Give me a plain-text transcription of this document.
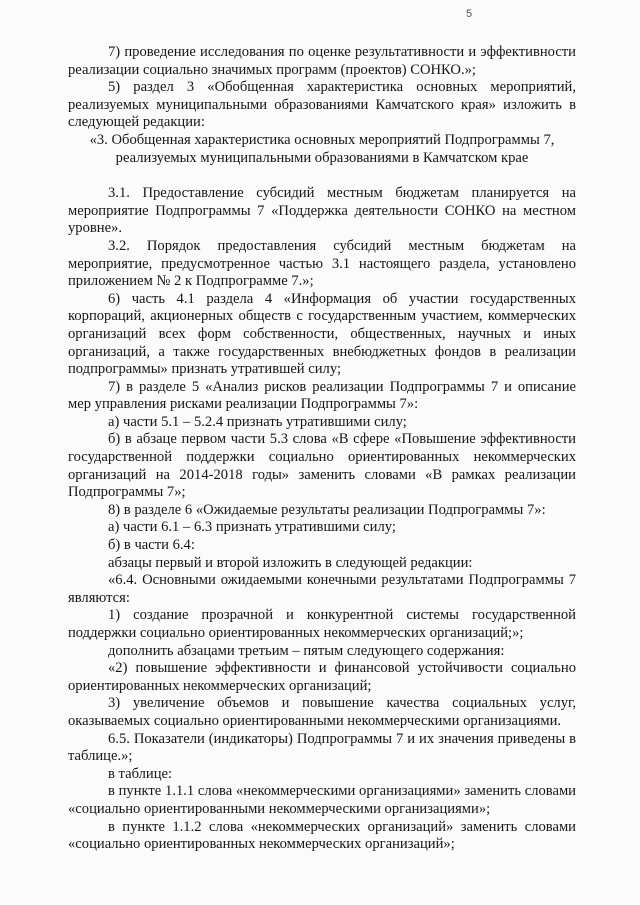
5

7) проведение исследования по оценке результативности и эффективности реализации социально значимых программ (проектов) СОНКО.»;

5) раздел 3 «Обобщенная характеристика основных мероприятий, реализуемых муниципальными образованиями Камчатского края» изложить в следующей редакции:

«3. Обобщенная характеристика основных мероприятий Подпрограммы 7, реализуемых муниципальными образованиями в Камчатском крае

3.1. Предоставление субсидий местным бюджетам планируется на мероприятие Подпрограммы 7 «Поддержка деятельности СОНКО на местном уровне».

3.2. Порядок предоставления субсидий местным бюджетам на мероприятие, предусмотренное частью 3.1 настоящего раздела, установлено приложением № 2 к Подпрограмме 7.»;

6) часть 4.1 раздела 4 «Информация об участии государственных корпораций, акционерных обществ с государственным участием, коммерческих организаций всех форм собственности, общественных, научных и иных организаций, а также государственных внебюджетных фондов в реализации подпрограммы» признать утратившей силу;

7) в разделе 5 «Анализ рисков реализации Подпрограммы 7 и описание мер управления рисками реализации Подпрограммы 7»:

а) части 5.1 – 5.2.4 признать утратившими силу;

б) в абзаце первом части 5.3 слова «В сфере «Повышение эффективности государственной поддержки социально ориентированных некоммерческих организаций на 2014-2018 годы» заменить словами «В рамках реализации Подпрограммы 7»;

8) в разделе 6 «Ожидаемые результаты реализации Подпрограммы 7»:

а) части 6.1 – 6.3 признать утратившими силу;

б) в части 6.4:

абзацы первый и второй изложить в следующей редакции:

«6.4. Основными ожидаемыми конечными результатами Подпрограммы 7 являются:

1) создание прозрачной и конкурентной системы государственной поддержки социально ориентированных некоммерческих организаций;»;

дополнить абзацами третьим – пятым следующего содержания:

«2) повышение эффективности и финансовой устойчивости социально ориентированных некоммерческих организаций;

3) увеличение объемов и повышение качества социальных услуг, оказываемых социально ориентированными некоммерческими организациями.

6.5. Показатели (индикаторы) Подпрограммы 7 и их значения приведены в таблице.»;

в таблице:

в пункте 1.1.1 слова «некоммерческими организациями» заменить словами «социально ориентированными некоммерческими организациями»;

в пункте 1.1.2 слова «некоммерческих организаций» заменить словами «социально ориентированных некоммерческих организаций»;
